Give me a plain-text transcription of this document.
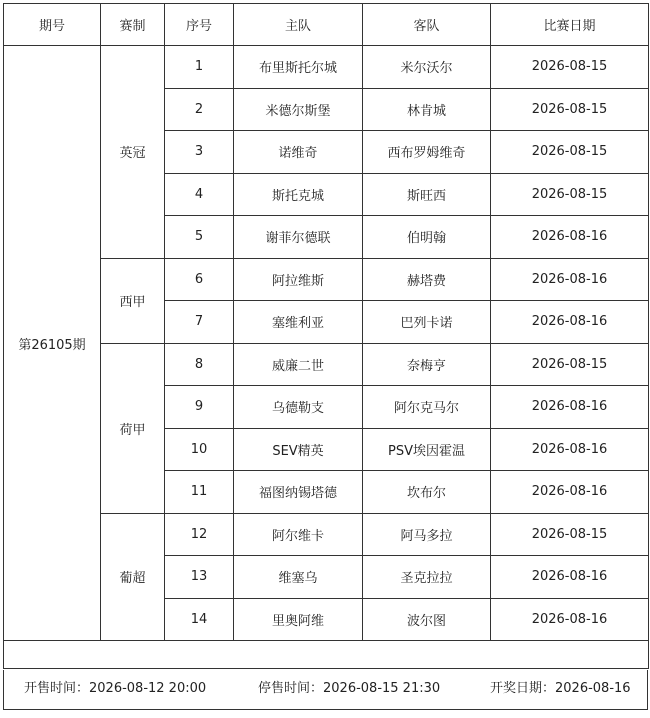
期号	赛制	序号	主队	客队	比赛日期
第26105期	英冠	1	布里斯托尔城	米尔沃尔	2026-08-15
		2	米德尔斯堡	林肯城	2026-08-15
		3	诺维奇	西布罗姆维奇	2026-08-15
		4	斯托克城	斯旺西	2026-08-15
		5	谢菲尔德联	伯明翰	2026-08-16
	西甲	6	阿拉维斯	赫塔费	2026-08-16
		7	塞维利亚	巴列卡诺	2026-08-16
	荷甲	8	威廉二世	奈梅亨	2026-08-15
		9	乌德勒支	阿尔克马尔	2026-08-16
		10	SEV精英	PSV埃因霍温	2026-08-16
		11	福图纳锡塔德	坎布尔	2026-08-16
	葡超	12	阿尔维卡	阿马多拉	2026-08-15
		13	维塞乌	圣克拉拉	2026-08-16
		14	里奥阿维	波尔图	2026-08-16

开售时间：2026-08-12 20:00	停售时间：2026-08-15 21:30	开奖日期：2026-08-16
